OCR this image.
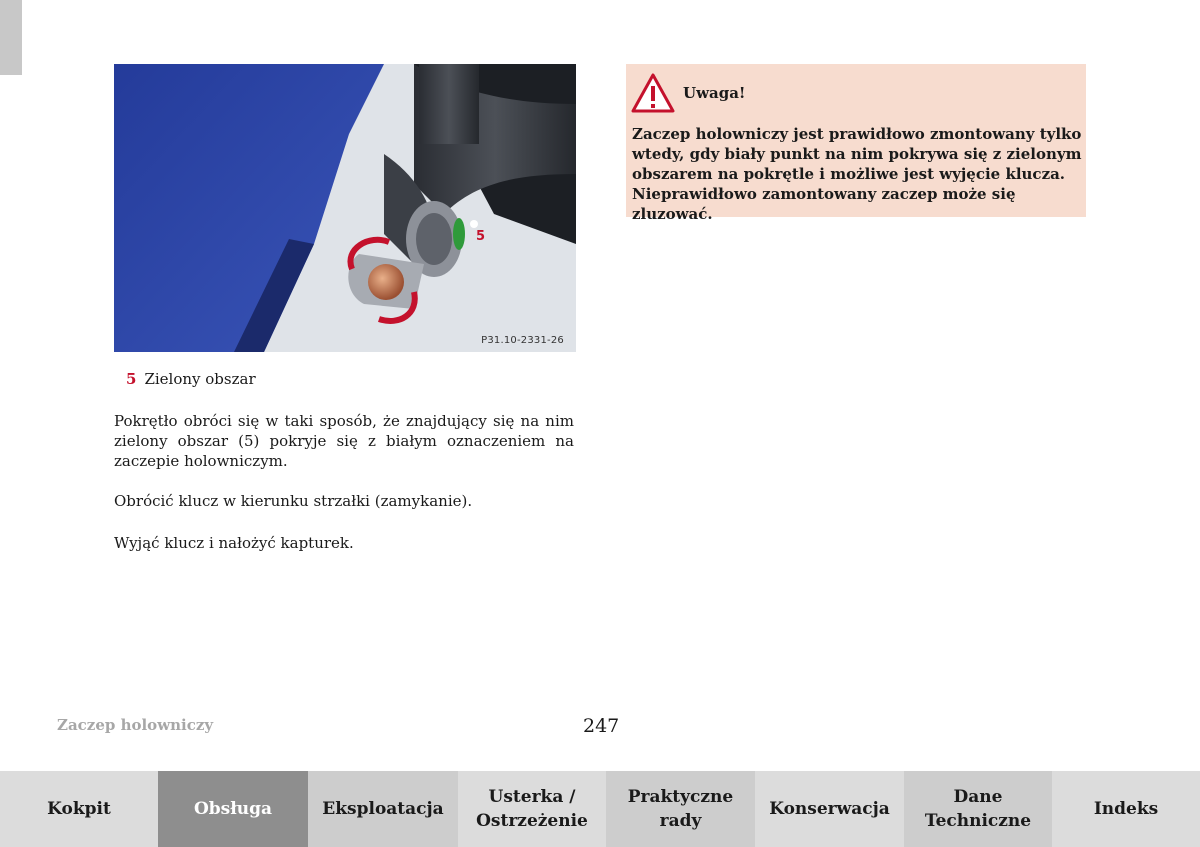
5
P31.10-2331-26
5 Zielony obszar
Pokrętło obróci się w taki sposób, że znajdujący się na nim zielony obszar (5) pokryje się z białym oznaczeniem na zaczepie holowniczym.
Obrócić klucz w kierunku strzałki (zamykanie).
Wyjąć klucz i nałożyć kapturek.
Uwaga!
Zaczep holowniczy jest prawidłowo zmontowany tylko wtedy, gdy biały punkt na nim pokrywa się z zielonym obszarem na pokrętle i możliwe jest wyjęcie klucza. Nieprawidłowo zamontowany zaczep może się zluzować.
Zaczep holowniczy	247
Kokpit	Obsługa	Eksploatacja
Usterka /
Ostrzeżenie
Praktyczne
rady
Konserwacja
Dane
Techniczne
Indeks
